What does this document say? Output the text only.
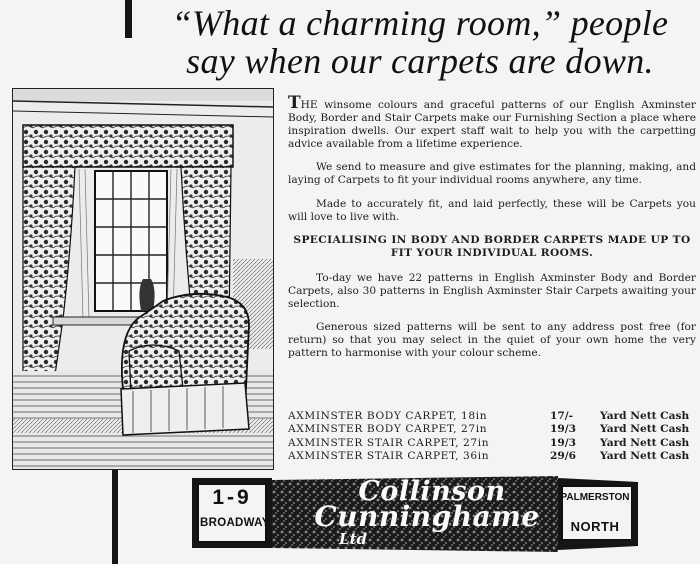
“What a charming room,” people
say when our carpets are down.

THE winsome colours and graceful patterns of our English Axminster Body, Border and Stair Carpets make our Furnishing Section a place where inspiration dwells. Our expert staff wait to help you with the carpetting advice available from a lifetime experience.

We send to measure and give estimates for the planning, making, and laying of Carpets to fit your individual rooms anywhere, any time.

Made to accurately fit, and laid perfectly, these will be Carpets you will love to live with.

SPECIALISING IN BODY AND BORDER CARPETS MADE UP TO FIT YOUR INDIVIDUAL ROOMS.

To-day we have 22 patterns in English Axminster Body and Border Carpets, also 30 patterns in English Axminster Stair Carpets awaiting your selection.

Generous sized patterns will be sent to any address post free (for return) so that you may select in the quiet of your own home the very pattern to harmonise with your colour scheme.

AXMINSTER BODY CARPET, 18in	17/-	Yard Nett Cash
AXMINSTER BODY CARPET, 27in	19/3	Yard Nett Cash
AXMINSTER STAIR CARPET, 27in	19/3	Yard Nett Cash
AXMINSTER STAIR CARPET, 36in	29/6	Yard Nett Cash
1-9
BROADWAY
Collinson
Cunninghame
Ltd
PALMERSTON
NORTH
